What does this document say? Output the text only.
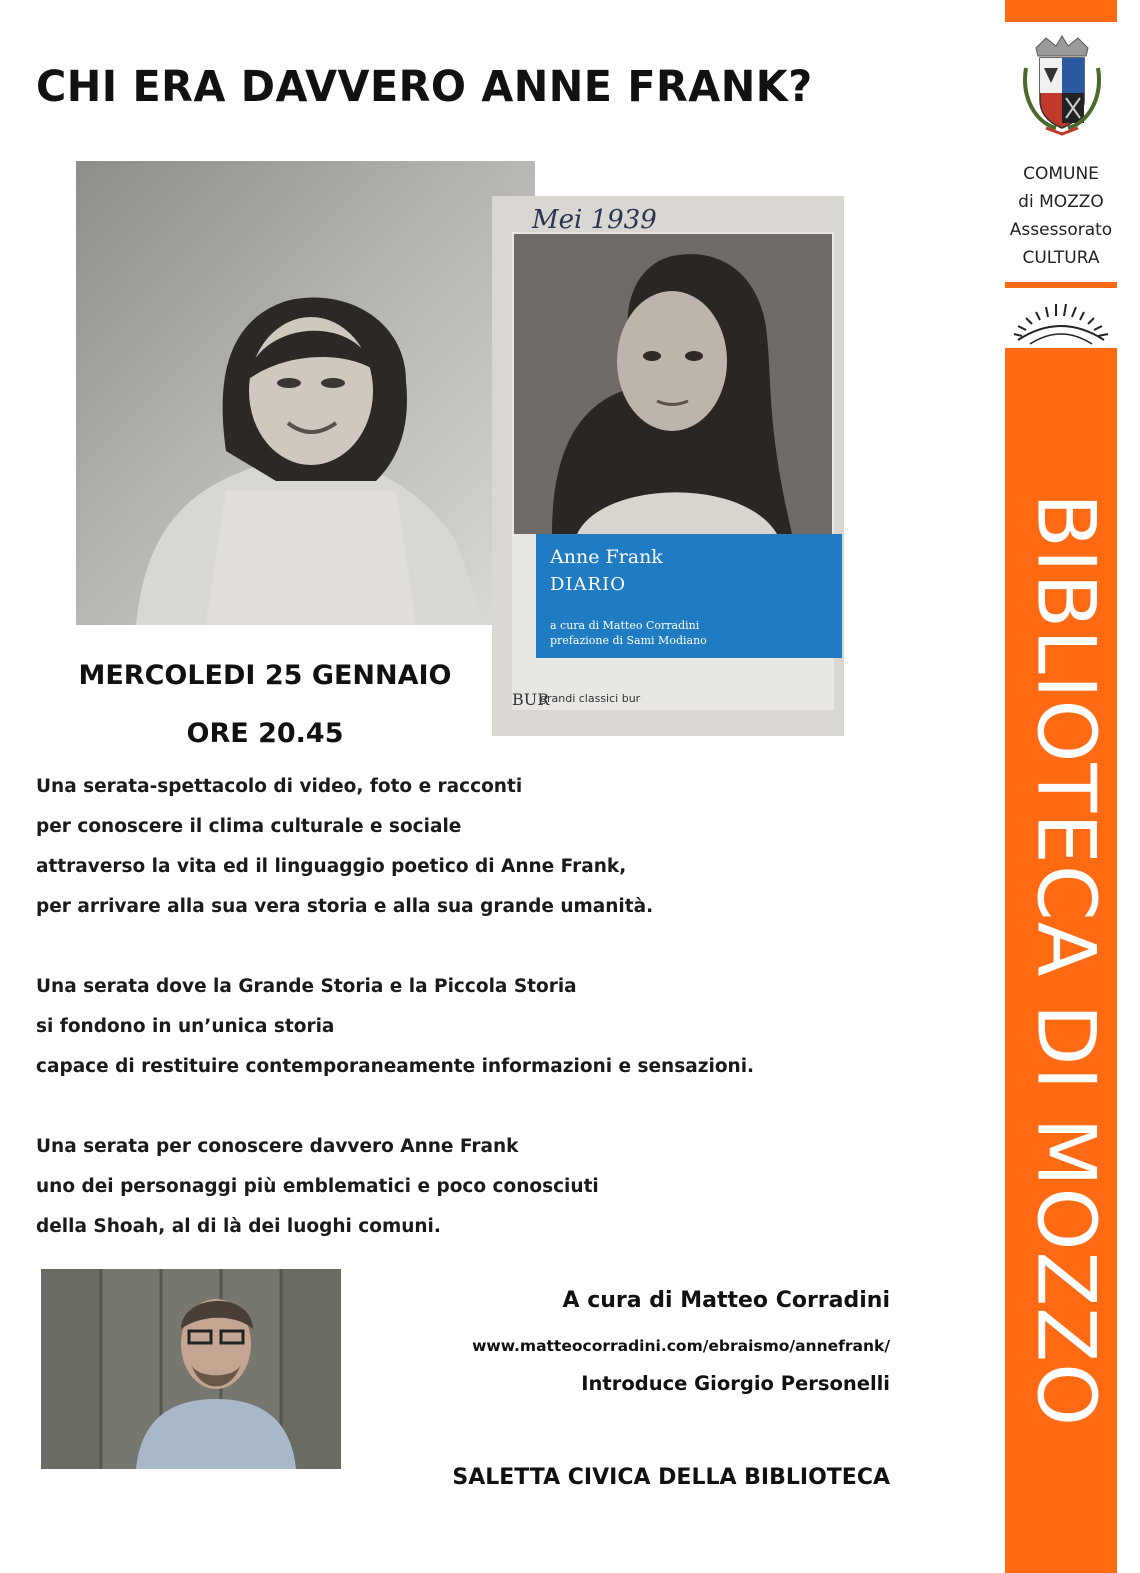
CHI ERA DAVVERO ANNE FRANK?
Mei 1939
Anne Frank
DIARIO
a cura di Matteo Corradini
prefazione di Sami Modiano
BUR
grandi classici bur
MERCOLEDI 25 GENNAIO
ORE 20.45
Una serata-spettacolo di video, foto e racconti
per conoscere il clima culturale e sociale
attraverso la vita ed il linguaggio poetico di Anne Frank,
per arrivare alla sua vera storia e alla sua grande umanità.
Una serata dove la Grande Storia e la Piccola Storia
si fondono in un’unica storia
capace di restituire contemporaneamente informazioni e sensazioni.
Una serata per conoscere davvero Anne Frank
uno dei personaggi più emblematici e poco conosciuti
della Shoah, al di là dei luoghi comuni.
A cura di Matteo Corradini
www.matteocorradini.com/ebraismo/annefrank/
Introduce Giorgio Personelli
SALETTA CIVICA DELLA BIBLIOTECA
COMUNE
di MOZZO
Assessorato
CULTURA
BIBLIOTECA DI MOZZO
